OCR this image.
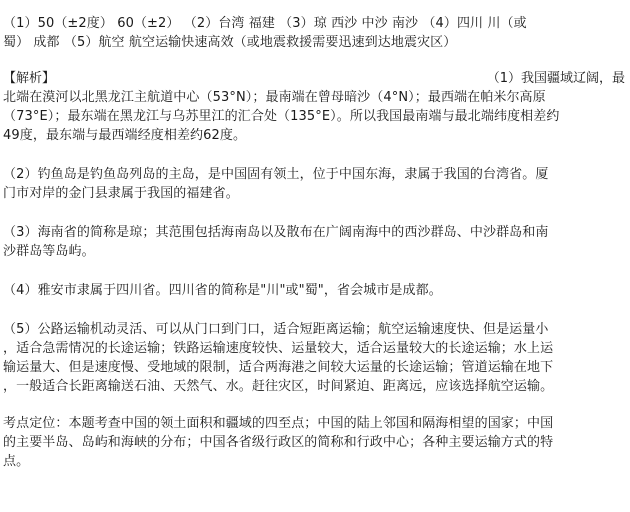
（1）50（±2度） 60（±2） （2）台湾 福建 （3）琼 西沙 中沙 南沙 （4）四川 川（或
蜀） 成都 （5）航空 航空运输快速高效（或地震救援需要迅速到达地震灾区）
【解析】	（1）我国疆域辽阔，最
北端在漠河以北黑龙江主航道中心（53°N）；最南端在曾母暗沙（4°N）；最西端在帕米尔高原
（73°E）；最东端在黑龙江与乌苏里江的汇合处（135°E）。所以我国最南端与最北端纬度相差约
49度，最东端与最西端经度相差约62度。
（2）钓鱼岛是钓鱼岛列岛的主岛，是中国固有领土，位于中国东海，隶属于我国的台湾省。厦
门市对岸的金门县隶属于我国的福建省。
（3）海南省的简称是琼；其范围包括海南岛以及散布在广阔南海中的西沙群岛、中沙群岛和南
沙群岛等岛屿。
（4）雅安市隶属于四川省。四川省的简称是"川"或"蜀"，省会城市是成都。
（5）公路运输机动灵活、可以从门口到门口，适合短距离运输；航空运输速度快、但是运量小
，适合急需情况的长途运输；铁路运输速度较快、运量较大，适合运量较大的长途运输；水上运
输运量大、但是速度慢、受地域的限制，适合两海港之间较大运量的长途运输；管道运输在地下
，一般适合长距离输送石油、天然气、水。赶往灾区，时间紧迫、距离远，应该选择航空运输。
考点定位：本题考查中国的领土面积和疆域的四至点；中国的陆上邻国和隔海相望的国家；中国
的主要半岛、岛屿和海峡的分布；中国各省级行政区的简称和行政中心；各种主要运输方式的特
点。
